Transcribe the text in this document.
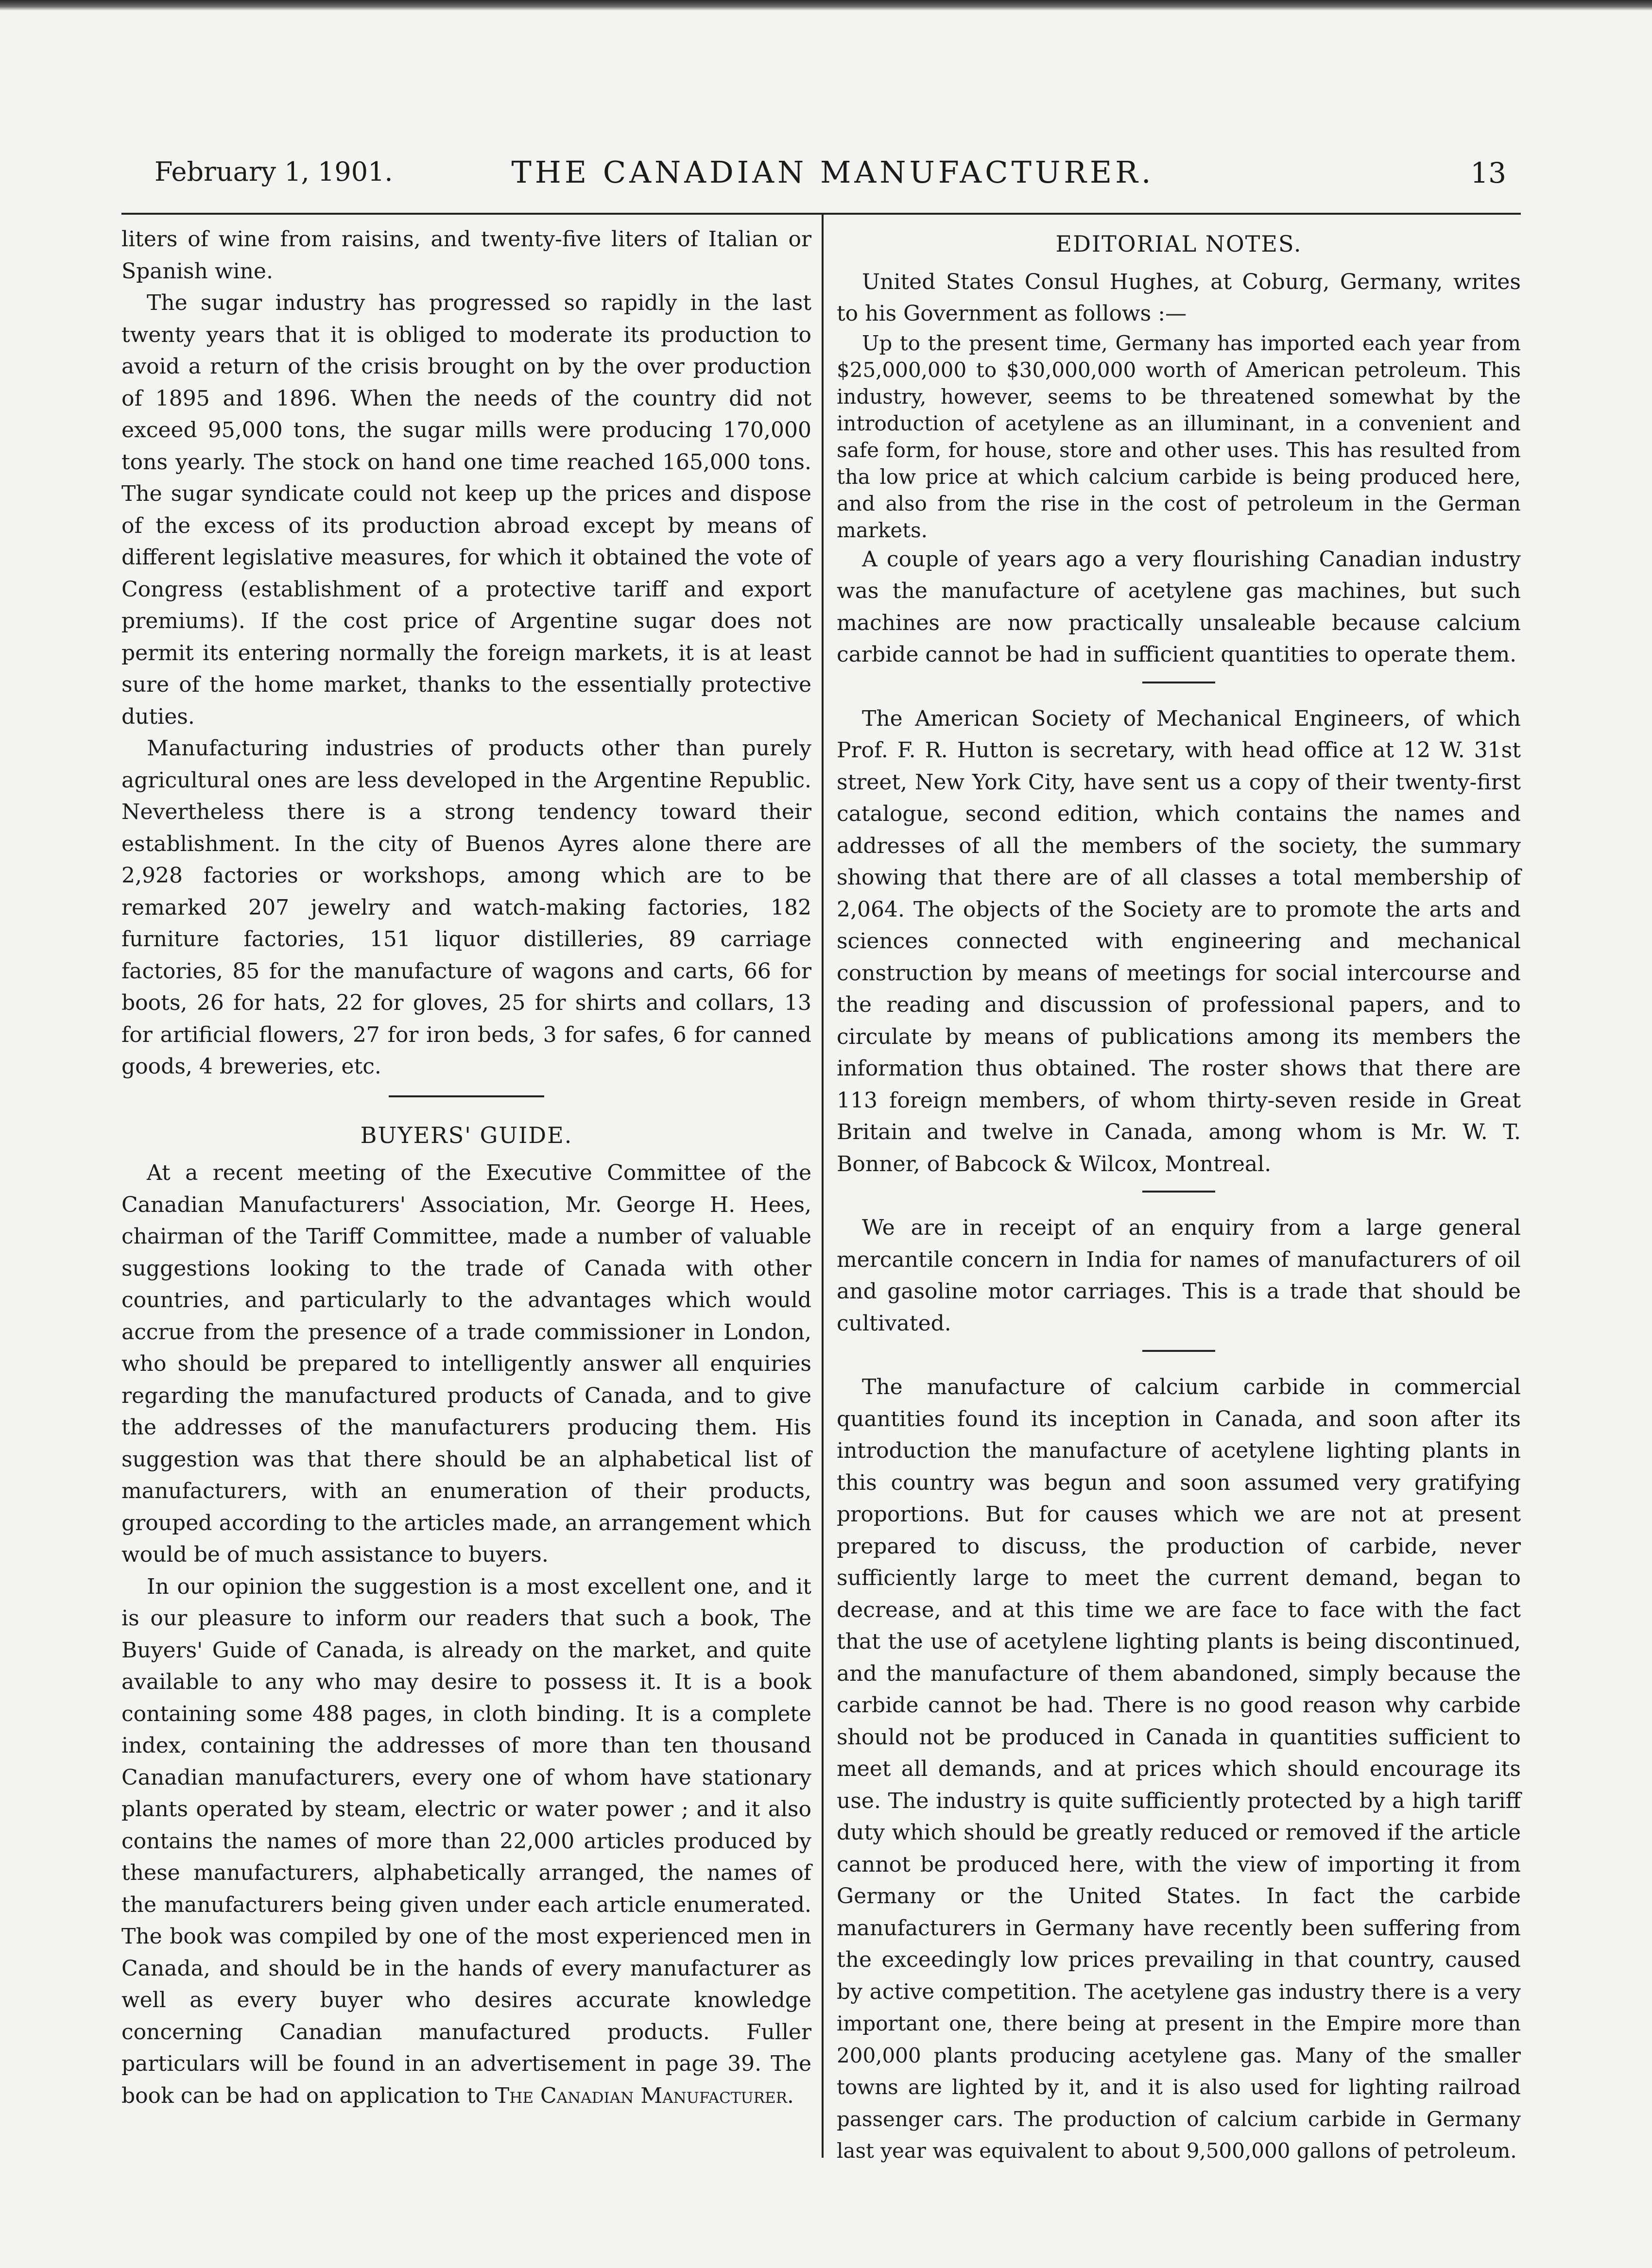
February 1, 1901.	THE CANADIAN MANUFACTURER.	13

liters of wine from raisins, and twenty-five liters of Italian or Spanish wine.

The sugar industry has progressed so rapidly in the last twenty years that it is obliged to moderate its production to avoid a return of the crisis brought on by the over production of 1895 and 1896. When the needs of the country did not exceed 95,000 tons, the sugar mills were producing 170,000 tons yearly. The stock on hand one time reached 165,000 tons. The sugar syndicate could not keep up the prices and dispose of the excess of its production abroad except by means of different legislative measures, for which it obtained the vote of Congress (establishment of a protective tariff and export premiums). If the cost price of Argentine sugar does not permit its entering normally the foreign markets, it is at least sure of the home market, thanks to the essentially protective duties.

Manufacturing industries of products other than purely agricultural ones are less developed in the Argentine Republic. Nevertheless there is a strong tendency toward their establishment. In the city of Buenos Ayres alone there are 2,928 factories or workshops, among which are to be remarked 207 jewelry and watch-making factories, 182 furniture factories, 151 liquor distilleries, 89 carriage factories, 85 for the manufacture of wagons and carts, 66 for boots, 26 for hats, 22 for gloves, 25 for shirts and collars, 13 for artificial flowers, 27 for iron beds, 3 for safes, 6 for canned goods, 4 breweries, etc.

BUYERS' GUIDE.

At a recent meeting of the Executive Committee of the Canadian Manufacturers' Association, Mr. George H. Hees, chairman of the Tariff Committee, made a number of valuable suggestions looking to the trade of Canada with other countries, and particularly to the advantages which would accrue from the presence of a trade commissioner in London, who should be prepared to intelligently answer all enquiries regarding the manufactured products of Canada, and to give the addresses of the manufacturers producing them. His suggestion was that there should be an alphabetical list of manufacturers, with an enumeration of their products, grouped according to the articles made, an arrangement which would be of much assistance to buyers.

In our opinion the suggestion is a most excellent one, and it is our pleasure to inform our readers that such a book, The Buyers' Guide of Canada, is already on the market, and quite available to any who may desire to possess it. It is a book containing some 488 pages, in cloth binding. It is a complete index, containing the addresses of more than ten thousand Canadian manufacturers, every one of whom have stationary plants operated by steam, electric or water power ; and it also contains the names of more than 22,000 articles produced by these manufacturers, alphabetically arranged, the names of the manufacturers being given under each article enumerated. The book was compiled by one of the most experienced men in Canada, and should be in the hands of every manufacturer as well as every buyer who desires accurate knowledge concerning Canadian manufactured products. Fuller particulars will be found in an advertisement in page 39. The book can be had on application to The Canadian Manufacturer.

EDITORIAL NOTES.

United States Consul Hughes, at Coburg, Germany, writes to his Government as follows :—

Up to the present time, Germany has imported each year from $25,000,000 to $30,000,000 worth of American petroleum. This industry, however, seems to be threatened somewhat by the introduction of acetylene as an illuminant, in a convenient and safe form, for house, store and other uses. This has resulted from tha low price at which calcium carbide is being produced here, and also from the rise in the cost of petroleum in the German markets.

A couple of years ago a very flourishing Canadian industry was the manufacture of acetylene gas machines, but such machines are now practically unsaleable because calcium carbide cannot be had in sufficient quantities to operate them.

The American Society of Mechanical Engineers, of which Prof. F. R. Hutton is secretary, with head office at 12 W. 31st street, New York City, have sent us a copy of their twenty-first catalogue, second edition, which contains the names and addresses of all the members of the society, the summary showing that there are of all classes a total membership of 2,064. The objects of the Society are to promote the arts and sciences connected with engineering and mechanical construction by means of meetings for social intercourse and the reading and discussion of professional papers, and to circulate by means of publications among its members the information thus obtained. The roster shows that there are 113 foreign members, of whom thirty-seven reside in Great Britain and twelve in Canada, among whom is Mr. W. T. Bonner, of Babcock & Wilcox, Montreal.

We are in receipt of an enquiry from a large general mercantile concern in India for names of manufacturers of oil and gasoline motor carriages. This is a trade that should be cultivated.

The manufacture of calcium carbide in commercial quantities found its inception in Canada, and soon after its introduction the manufacture of acetylene lighting plants in this country was begun and soon assumed very gratifying proportions. But for causes which we are not at present prepared to discuss, the production of carbide, never sufficiently large to meet the current demand, began to decrease, and at this time we are face to face with the fact that the use of acetylene lighting plants is being discontinued, and the manufacture of them abandoned, simply because the carbide cannot be had. There is no good reason why carbide should not be produced in Canada in quantities sufficient to meet all demands, and at prices which should encourage its use. The industry is quite sufficiently protected by a high tariff duty which should be greatly reduced or removed if the article cannot be produced here, with the view of importing it from Germany or the United States. In fact the carbide manufacturers in Germany have recently been suffering from the exceedingly low prices prevailing in that country, caused by active competition. The acetylene gas industry there is a very important one, there being at present in the Empire more than 200,000 plants producing acetylene gas. Many of the smaller towns are lighted by it, and it is also used for lighting railroad passenger cars. The production of calcium carbide in Germany last year was equivalent to about 9,500,000 gallons of petroleum.
